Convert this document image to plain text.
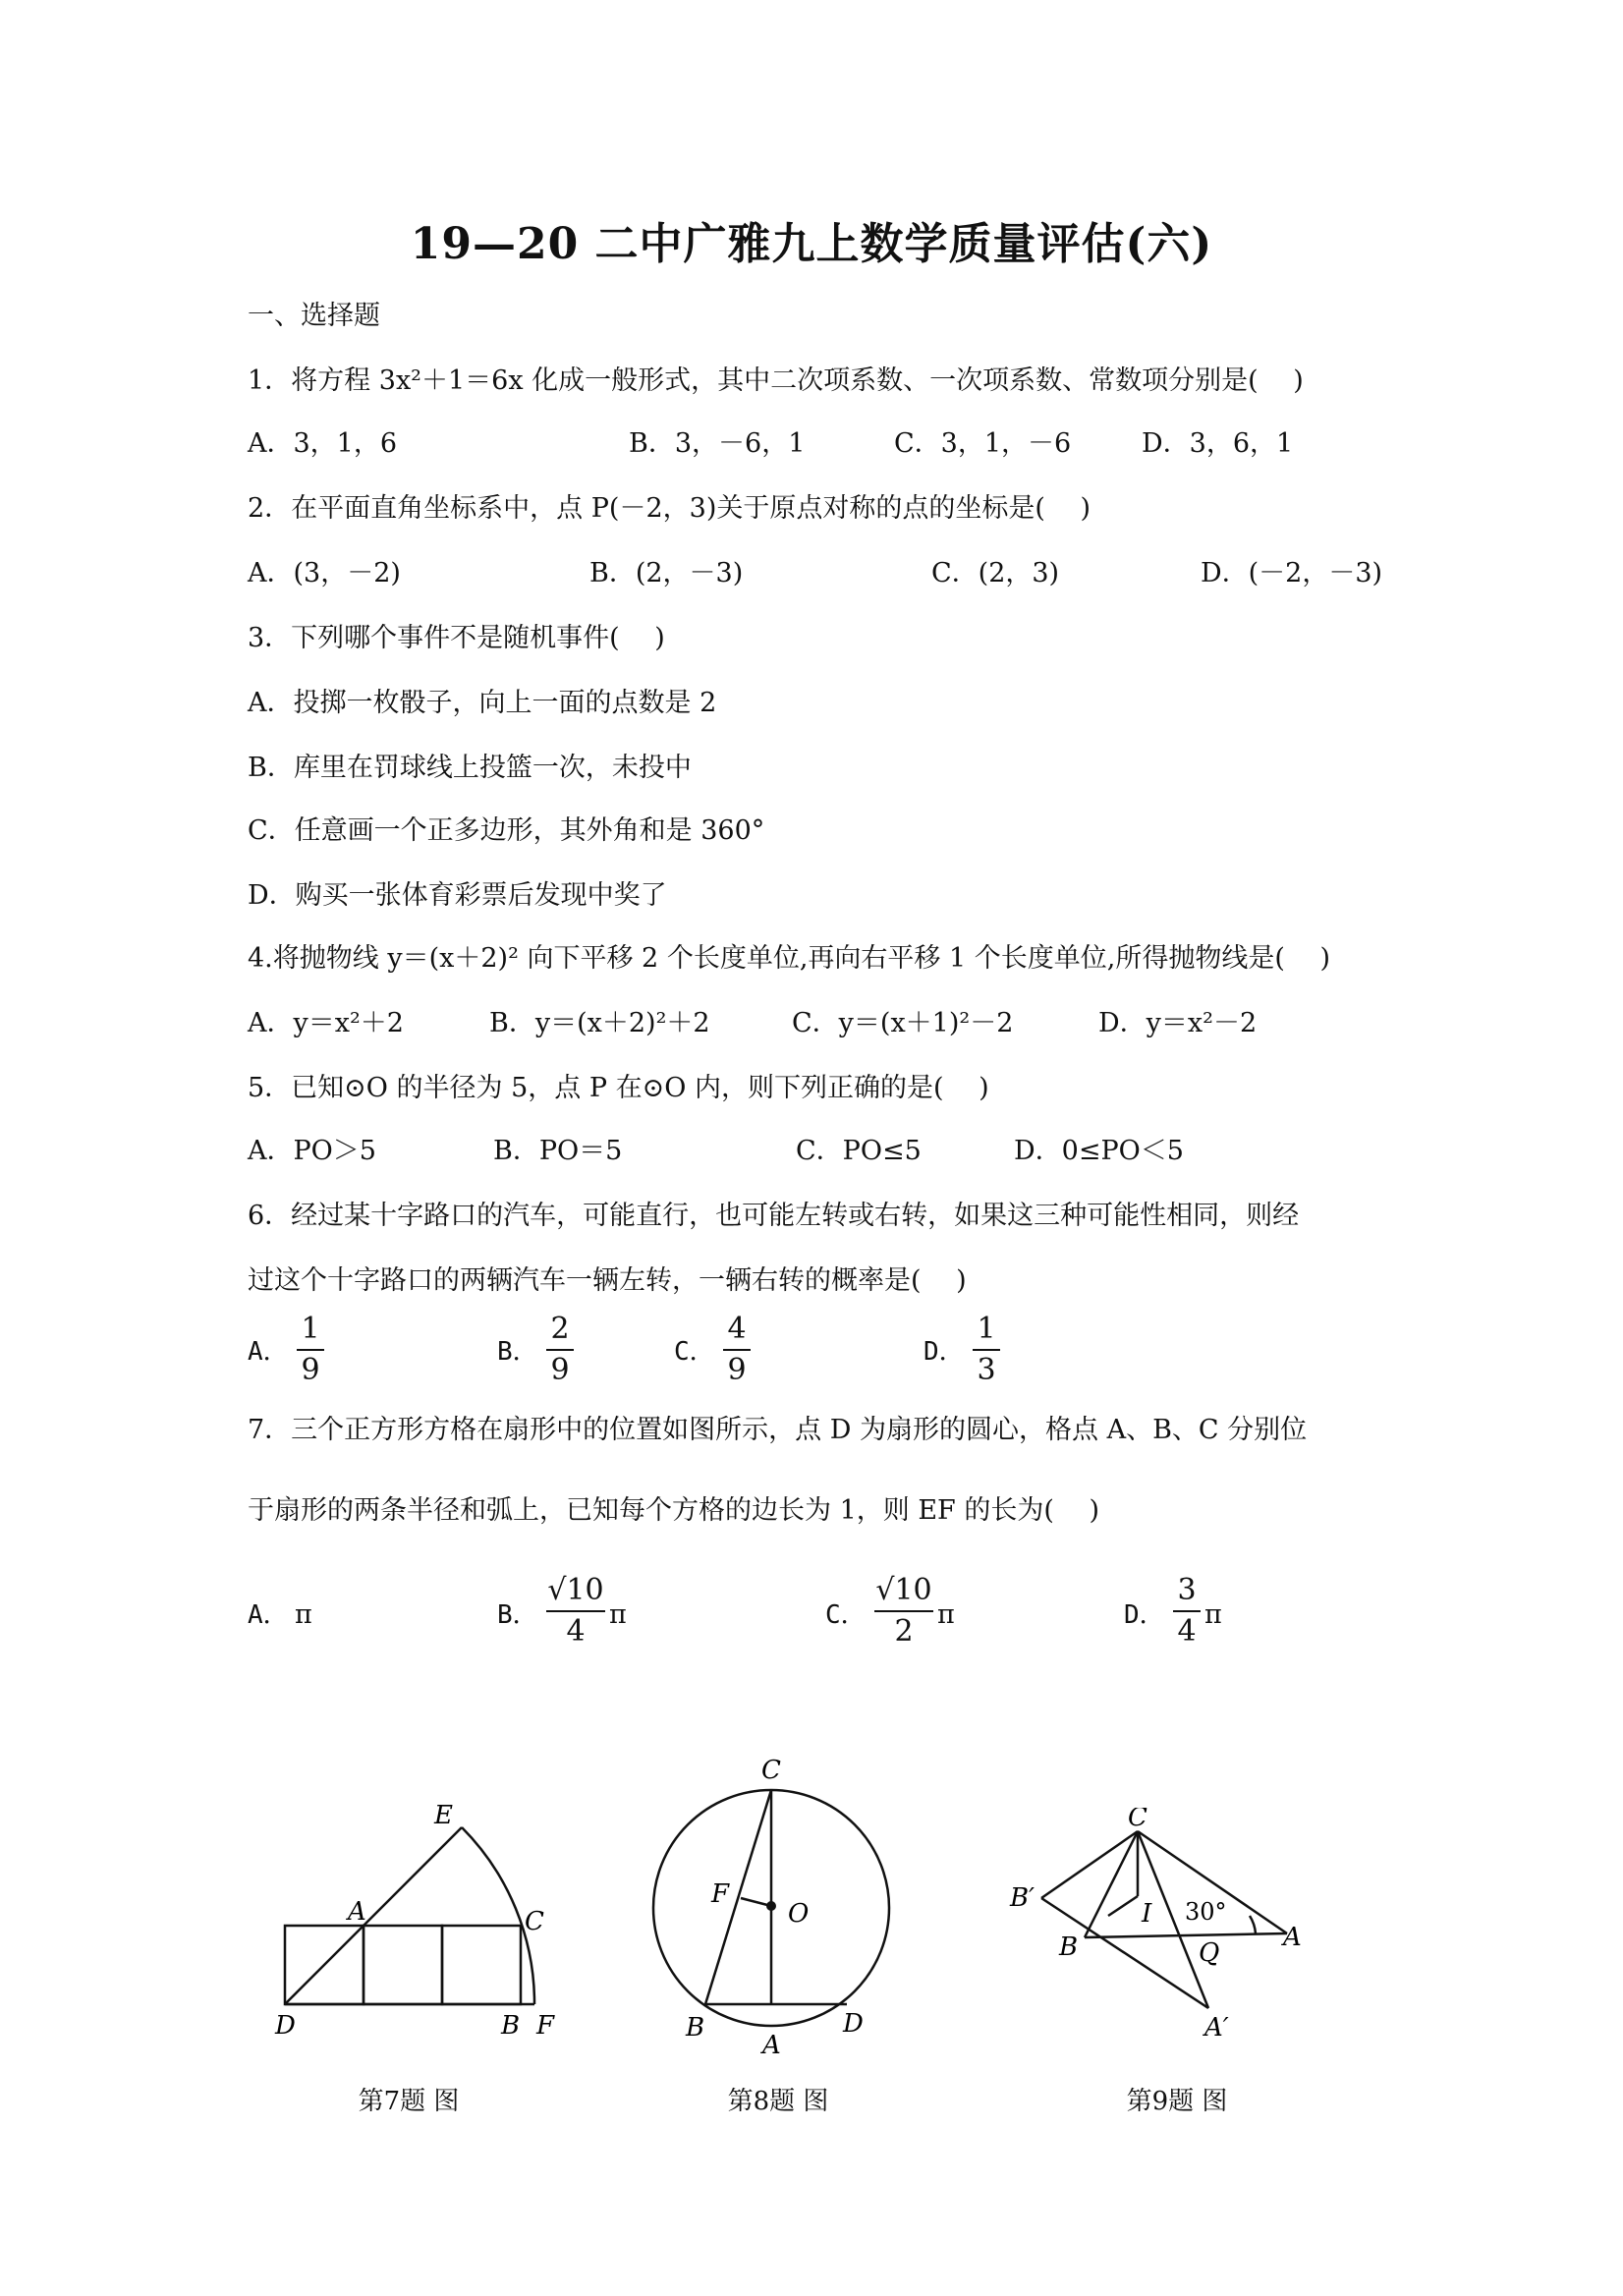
19—20 二中广雅九上数学质量评估(六)
一、选择题
1．将方程 3x²＋1＝6x 化成一般形式，其中二次项系数、一次项系数、常数项分别是(　 )
A．3，1，6	B．3，－6，1	C．3，1，－6	D．3，6，1
2．在平面直角坐标系中，点 P(－2，3)关于原点对称的点的坐标是(　 )
A．(3，－2)	B．(2，－3)	C．(2，3)	D．(－2，－3)
3．下列哪个事件不是随机事件(　 )
A．投掷一枚骰子，向上一面的点数是 2
B．库里在罚球线上投篮一次，未投中
C．任意画一个正多边形，其外角和是 360°
D．购买一张体育彩票后发现中奖了
4.将抛物线 y＝(x＋2)² 向下平移 2 个长度单位,再向右平移 1 个长度单位,所得抛物线是(　 )
A．y＝x²＋2	B．y＝(x＋2)²＋2	C．y＝(x＋1)²－2	D．y＝x²－2
5．已知⊙O 的半径为 5，点 P 在⊙O 内，则下列正确的是(　 )
A．PO＞5	B．PO＝5	C．PO≤5	D．0≤PO＜5
6．经过某十字路口的汽车，可能直行，也可能左转或右转，如果这三种可能性相同，则经
过这个十字路口的两辆汽车一辆左转，一辆右转的概率是(　 )
A．
1
9
B．
2
9
C．
4
9
D．
1
3
7．三个正方形方格在扇形中的位置如图所示，点 D 为扇形的圆心，格点 A、B、C 分别位
于扇形的两条半径和弧上，已知每个方格的边长为 1，则 EF 的长为(　 )
A． π	B．
√10
4 π	C．
√10
2 π	D．
3
4 π
E
A	C
D	B F
第7题 图
C
F
O
B
A
D
第8题 图
C
B′
I 30°
A
B	Q
A′
第9题 图
